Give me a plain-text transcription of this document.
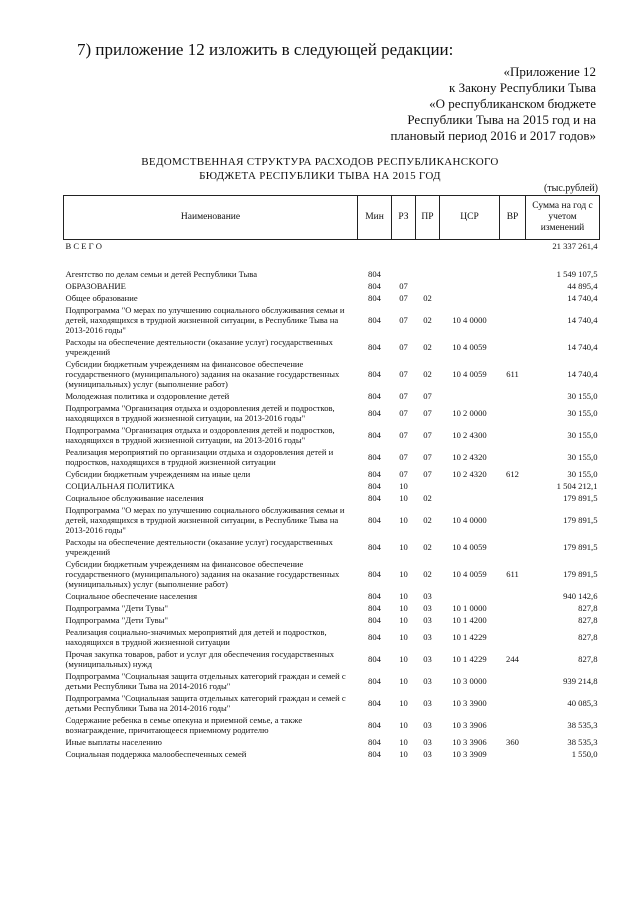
7) приложение 12 изложить в следующей редакции:
«Приложение 12
к Закону Республики Тыва
«О республиканском бюджете
Республики Тыва на 2015 год и на
плановый период 2016 и 2017 годов»
ВЕДОМСТВЕННАЯ СТРУКТУРА РАСХОДОВ РЕСПУБЛИКАНСКОГО
БЮДЖЕТА РЕСПУБЛИКИ ТЫВА НА 2015 ГОД
(тыс.рублей)
Наименование	Мин	РЗ	ПР	ЦСР	ВР	Сумма на год с учетом изменений
В С Е Г О						21 337 261,4

Агентство по делам семьи и детей Республики Тыва	804					1 549 107,5
ОБРАЗОВАНИЕ	804	07				44 895,4
Общее образование	804	07	02			14 740,4
Подпрограмма "О мерах по улучшению социального обслуживания семьи и детей, находящихся в трудной жизненной ситуации, в Республике Тыва на 2013-2016 годы"	804	07	02	10 4 0000		14 740,4
Расходы на обеспечение деятельности (оказание услуг) государственных учреждений	804	07	02	10 4 0059		14 740,4
Субсидии бюджетным учреждениям на финансовое обеспечение государственного (муниципального) задания на оказание государственных (муниципальных) услуг (выполнение работ)	804	07	02	10 4 0059	611	14 740,4
Молодежная политика и оздоровление детей	804	07	07			30 155,0
Подпрограмма "Организация отдыха и оздоровления детей и подростков, находящихся в трудной жизненной ситуации, на 2013-2016 годы"	804	07	07	10 2 0000		30 155,0
Подпрограмма "Организация отдыха и оздоровления детей и подростков, находящихся в трудной жизненной ситуации, на 2013-2016 годы"	804	07	07	10 2 4300		30 155,0
Реализация мероприятий по организации отдыха и оздоровления детей и подростков, находящихся в трудной жизненной ситуации	804	07	07	10 2 4320		30 155,0
Субсидии бюджетным учреждениям на иные цели	804	07	07	10 2 4320	612	30 155,0
СОЦИАЛЬНАЯ ПОЛИТИКА	804	10				1 504 212,1
Социальное обслуживание населения	804	10	02			179 891,5
Подпрограмма "О мерах по улучшению социального обслуживания семьи и детей, находящихся в трудной жизненной ситуации, в Республике Тыва на 2013-2016 годы"	804	10	02	10 4 0000		179 891,5
Расходы на обеспечение деятельности (оказание услуг) государственных учреждений	804	10	02	10 4 0059		179 891,5
Субсидии бюджетным учреждениям на финансовое обеспечение государственного (муниципального) задания на оказание государственных (муниципальных) услуг (выполнение работ)	804	10	02	10 4 0059	611	179 891,5
Социальное обеспечение населения	804	10	03			940 142,6
Подпрограмма "Дети Тувы"	804	10	03	10 1 0000		827,8
Подпрограмма "Дети Тувы"	804	10	03	10 1 4200		827,8
Реализация социально-значимых мероприятий для детей и подростков, находящихся в трудной жизненной ситуации	804	10	03	10 1 4229		827,8
Прочая закупка товаров, работ и услуг для обеспечения государственных (муниципальных) нужд	804	10	03	10 1 4229	244	827,8
Подпрограмма "Социальная защита отдельных категорий граждан и семей с детьми Республики Тыва на 2014-2016 годы"	804	10	03	10 3 0000		939 214,8
Подпрограмма "Социальная защита отдельных категорий граждан и семей с детьми Республики Тыва на 2014-2016 годы"	804	10	03	10 3 3900		40 085,3
Содержание ребенка в семье опекуна и приемной семье, а также вознаграждение, причитающееся приемному родителю	804	10	03	10 3 3906		38 535,3
Иные выплаты населению	804	10	03	10 3 3906	360	38 535,3
Социальная поддержка малообеспеченных семей	804	10	03	10 3 3909		1 550,0
